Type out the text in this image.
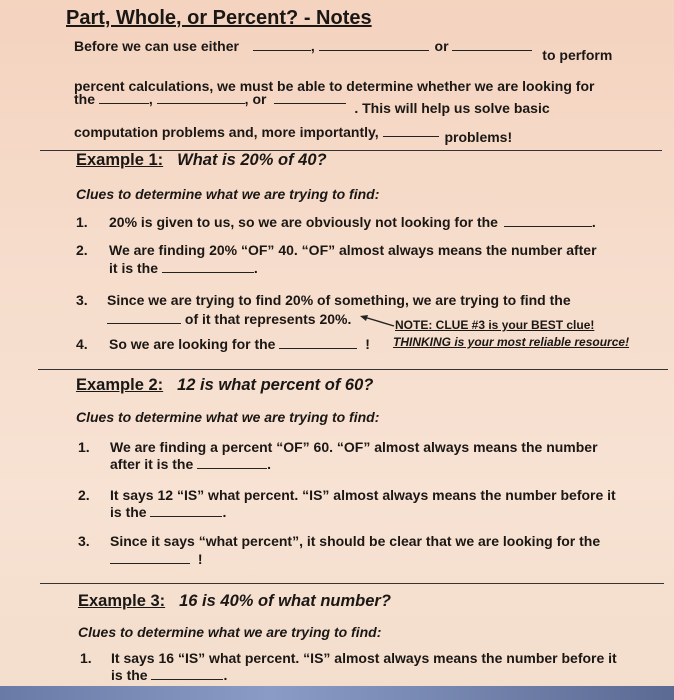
Part, Whole, or Percent? - Notes
Before we can use either	,	or  to perform
percent calculations, we must be able to determine whether we are looking for
the	,	, or . This will help us solve basic
computation problems and, more importantly,	problems!
Example 1: What is 20% of 40?
Clues to determine what we are trying to find:
1. 20% is given to us, so we are obviously not looking for the	.
2. We are finding 20% “OF” 40. “OF” almost always means the number after
it is the	.
3. Since we are trying to find 20% of something, we are trying to find the
of it that represents 20%.	NOTE: CLUE #3 is your BEST clue!
4. So we are looking for the	! THINKING is your most reliable resource!
Example 2: 12 is what percent of 60?
Clues to determine what we are trying to find:
1. We are finding a percent “OF” 60. “OF” almost always means the number
after it is the	.
2. It says 12 “IS” what percent. “IS” almost always means the number before it
is the	.
3. Since it says “what percent”, it should be clear that we are looking for the
!
Example 3: 16 is 40% of what number?
Clues to determine what we are trying to find:
1. It says 16 “IS” what percent. “IS” almost always means the number before it
is the	.
